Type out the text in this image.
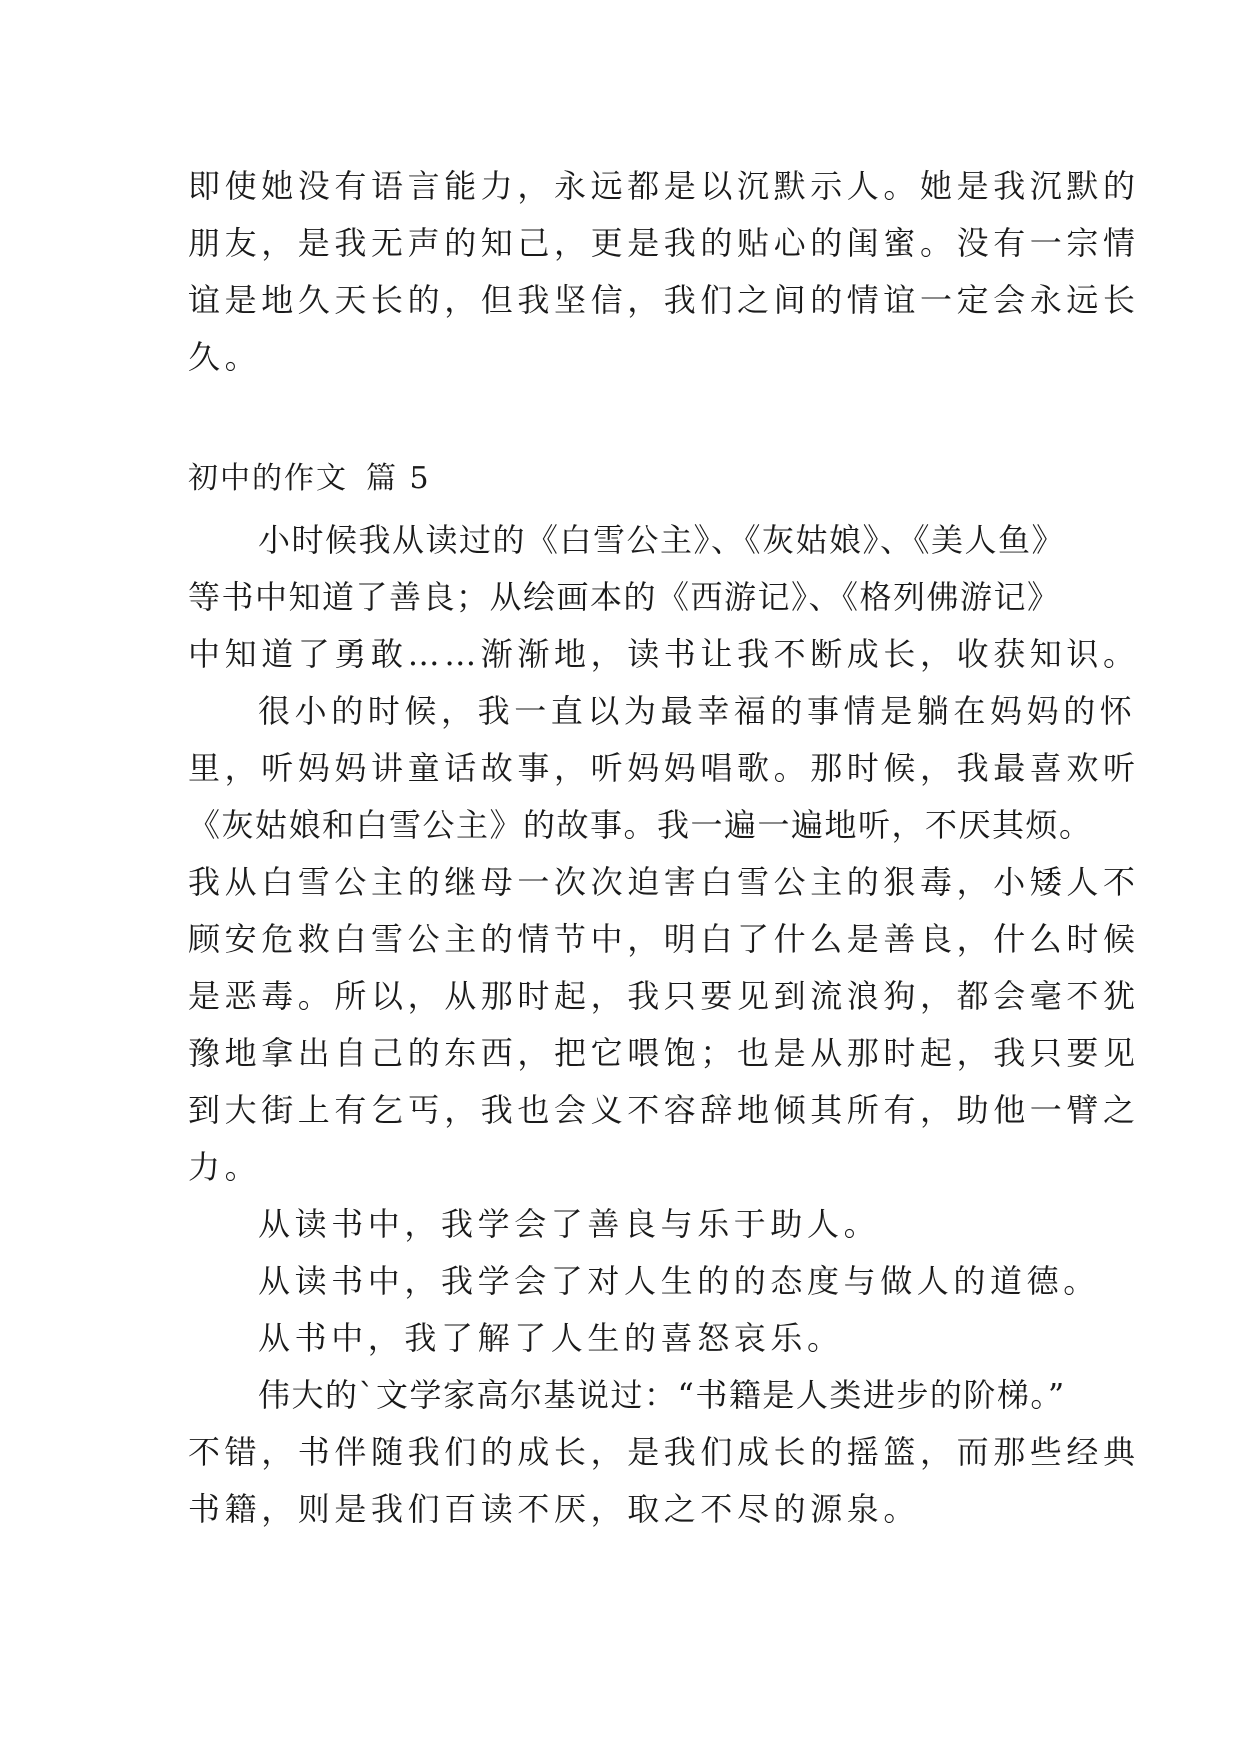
即使她没有语言能力，永远都是以沉默示人。她是我沉默的
朋友，是我无声的知己，更是我的贴心的闺蜜。没有一宗情
谊是地久天长的，但我坚信，我们之间的情谊一定会永远长
久。
初中的作文 篇 5
小时候我从读过的《白雪公主》、《灰姑娘》、《美人鱼》
等书中知道了善良；从绘画本的《西游记》、《格列佛游记》
中知道了勇敢……渐渐地，读书让我不断成长，收获知识。
很小的时候，我一直以为最幸福的事情是躺在妈妈的怀
里，听妈妈讲童话故事，听妈妈唱歌。那时候，我最喜欢听
《灰姑娘和白雪公主》的故事。我一遍一遍地听，不厌其烦。
我从白雪公主的继母一次次迫害白雪公主的狠毒，小矮人不
顾安危救白雪公主的情节中，明白了什么是善良，什么时候
是恶毒。所以，从那时起，我只要见到流浪狗，都会毫不犹
豫地拿出自己的东西，把它喂饱；也是从那时起，我只要见
到大街上有乞丐，我也会义不容辞地倾其所有，助他一臂之
力。
从读书中，我学会了善良与乐于助人。
从读书中，我学会了对人生的的态度与做人的道德。
从书中，我了解了人生的喜怒哀乐。
伟大的`文学家高尔基说过：“书籍是人类进步的阶梯。”
不错，书伴随我们的成长，是我们成长的摇篮，而那些经典
书籍，则是我们百读不厌，取之不尽的源泉。
